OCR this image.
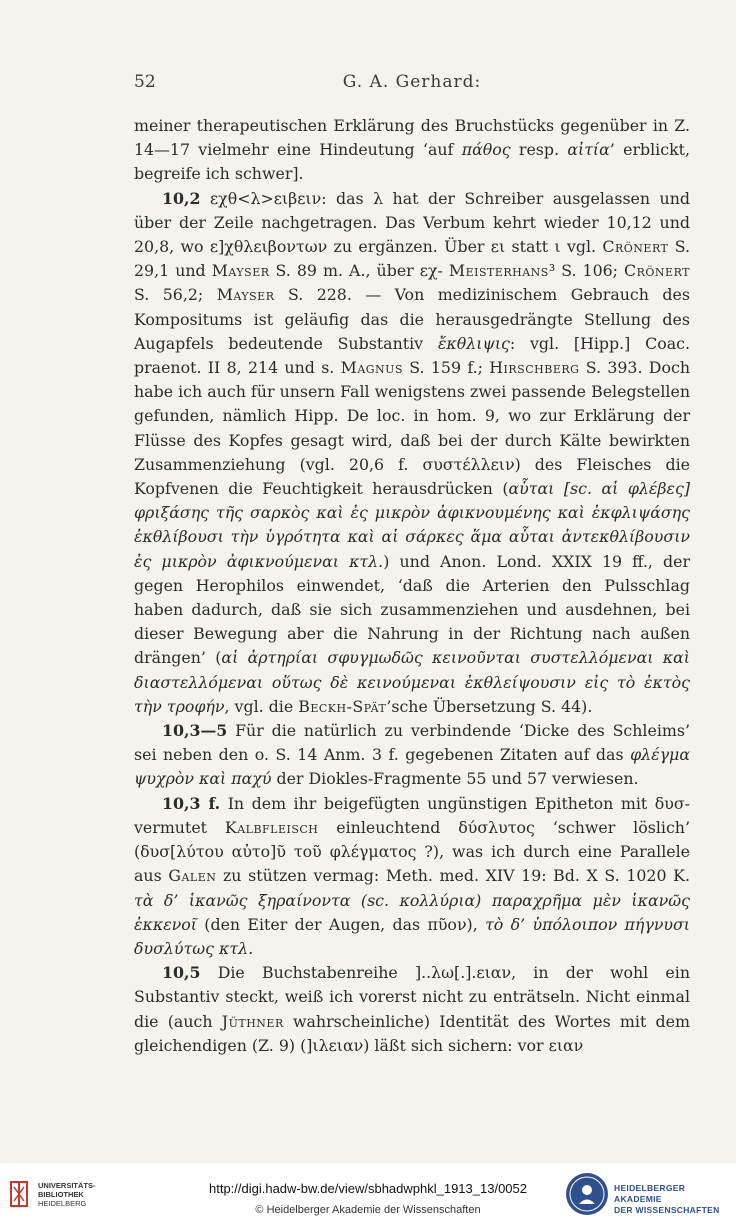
52	G. A. Gerhard:

meiner therapeutischen Erklärung des Bruchstücks gegenüber in Z. 14—17 vielmehr eine Hindeutung ‘auf πάθος resp. αἰτία’ erblickt, begreife ich schwer].

10,2 εχθ<λ>ειβειν: das λ hat der Schreiber ausgelassen und über der Zeile nachgetragen. Das Verbum kehrt wieder 10,12 und 20,8, wo ε]χθλειβοντων zu ergänzen. Über ει statt ι vgl. Crönert S. 29,1 und Mayser S. 89 m. A., über εχ- Meisterhans³ S. 106; Crönert S. 56,2; Mayser S. 228. — Von medizinischem Gebrauch des Kompositums ist geläufig das die herausgedrängte Stellung des Augapfels bedeutende Substantiv ἔκθλιψις: vgl. [Hipp.] Coac. praenot. II 8, 214 und s. Magnus S. 159 f.; Hirschberg S. 393. Doch habe ich auch für unsern Fall wenigstens zwei passende Belegstellen gefunden, nämlich Hipp. De loc. in hom. 9, wo zur Erklärung der Flüsse des Kopfes gesagt wird, daß bei der durch Kälte bewirkten Zusammenziehung (vgl. 20,6 f. συστέλλειν) des Fleisches die Kopfvenen die Feuchtigkeit herausdrücken (αὗται [sc. αἱ φλέβες] φριξάσης τῆς σαρκὸς καὶ ἐς μικρὸν ἀφικνουμένης καὶ ἐκφλιψάσης ἐκθλίβουσι τὴν ὑγρότητα καὶ αἱ σάρκες ἅμα αὗται ἀντεκθλίβουσιν ἐς μικρὸν ἀφικνούμεναι κτλ.) und Anon. Lond. XXIX 19 ff., der gegen Herophilos einwendet, ‘daß die Arterien den Pulsschlag haben dadurch, daß sie sich zusammenziehen und ausdehnen, bei dieser Bewegung aber die Nahrung in der Richtung nach außen drängen’ (αἱ ἀρτηρίαι σφυγμωδῶς κεινοῦνται συστελλόμεναι καὶ διαστελλόμεναι οὕτως δὲ κεινούμεναι ἐκθλείψουσιν εἰς τὸ ἐκτὸς τὴν τροφήν, vgl. die Beckh-Spät’sche Übersetzung S. 44).

10,3—5 Für die natürlich zu verbindende ‘Dicke des Schleims’ sei neben den o. S. 14 Anm. 3 f. gegebenen Zitaten auf das φλέγμα ψυχρὸν καὶ παχύ der Diokles-Fragmente 55 und 57 verwiesen.

10,3 f. In dem ihr beigefügten ungünstigen Epitheton mit δυσ- vermutet Kalbfleisch einleuchtend δύσλυτος ‘schwer löslich’ (δυσ[λύτου αὐτο]ῦ τοῦ φλέγματος ?), was ich durch eine Parallele aus Galen zu stützen vermag: Meth. med. XIV 19: Bd. X S. 1020 K. τὰ δ’ ἱκανῶς ξηραίνοντα (sc. κολλύρια) παραχρῆμα μὲν ἱκανῶς ἐκκενοῖ (den Eiter der Augen, das πῦον), τὸ δ’ ὑπόλοιπον πήγνυσι δυσλύτως κτλ.

10,5 Die Buchstabenreihe ]..λω[.].ειαν, in der wohl ein Substantiv steckt, weiß ich vorerst nicht zu enträtseln. Nicht einmal die (auch Jüthner wahrscheinliche) Identität des Wortes mit dem gleichendigen (Z. 9) (]ιλειαν) läßt sich sichern: vor ειαν

UNIVERSITÄTS-
BIBLIOTHEK
HEIDELBERG
http://digi.hadw-bw.de/view/sbhadwphkl_1913_13/0052
© Heidelberger Akademie der Wissenschaften
HEIDELBERGER AKADEMIE
DER WISSENSCHAFTEN
